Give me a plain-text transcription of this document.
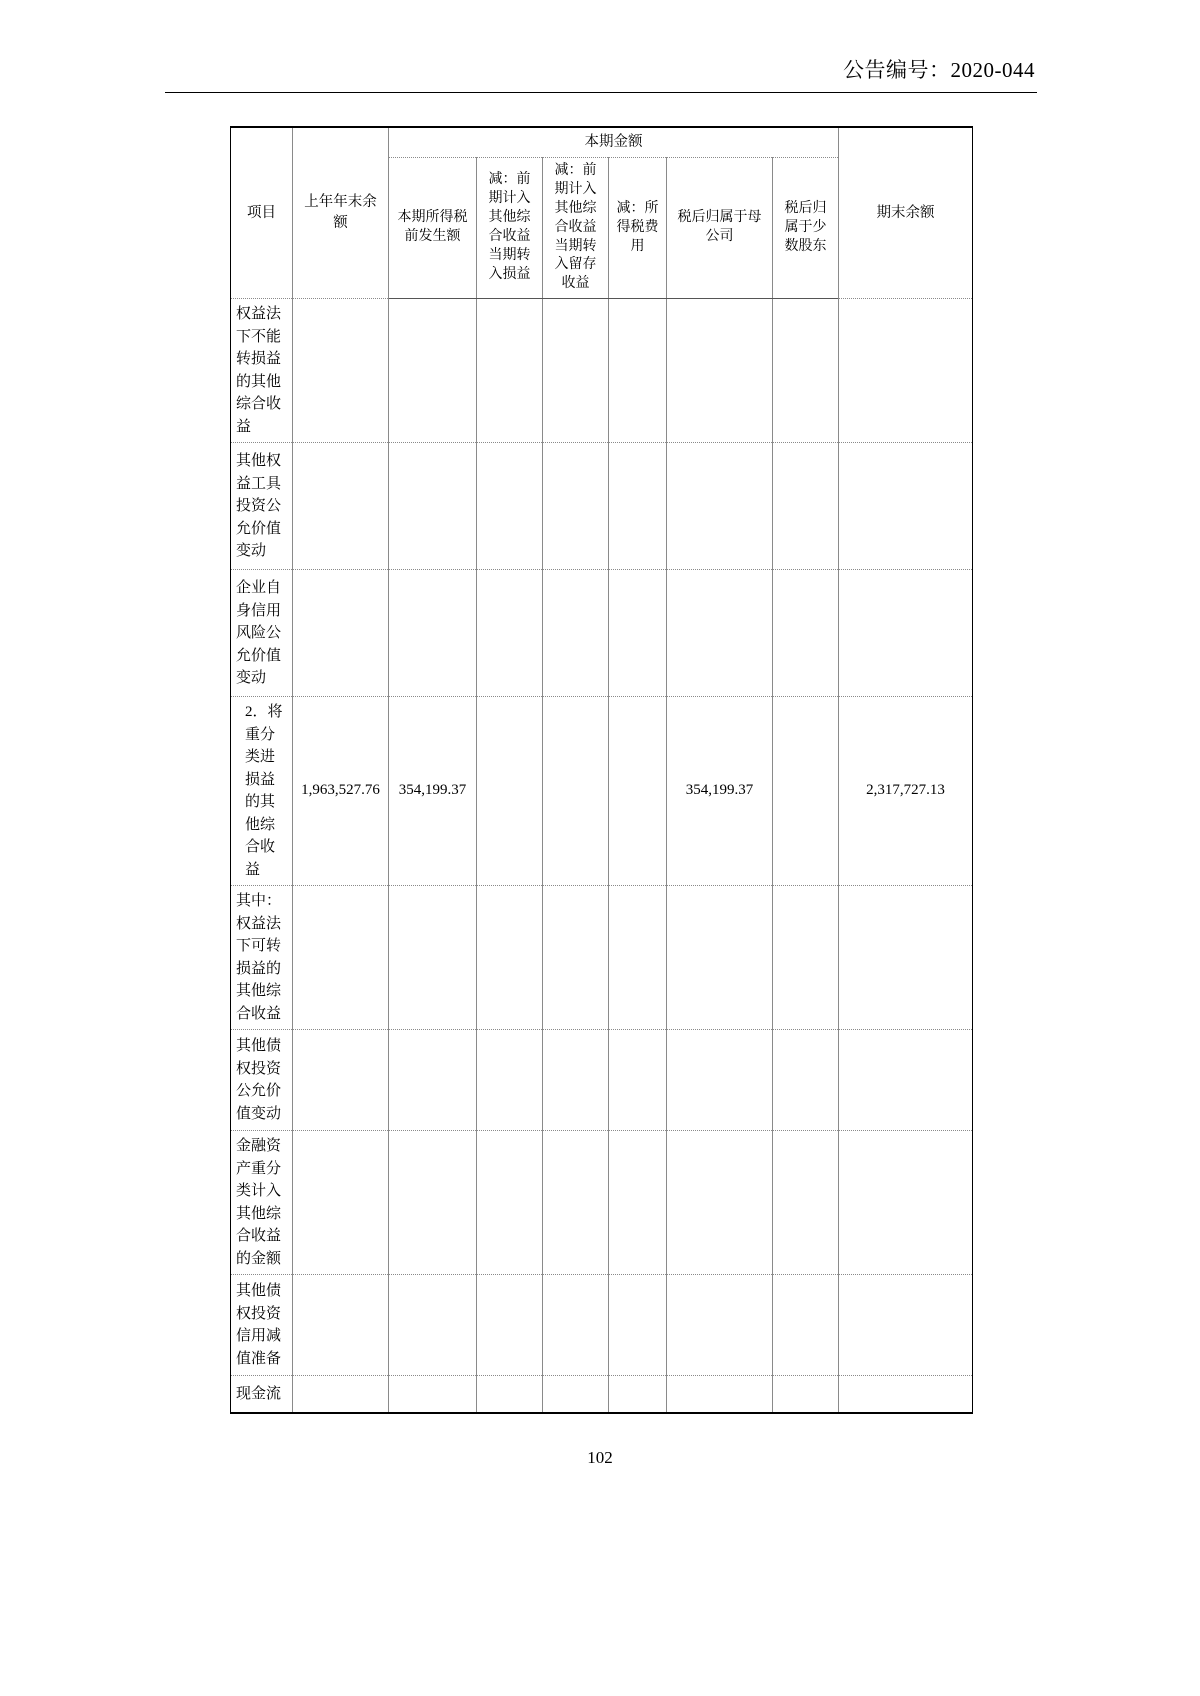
公告编号：2020-044
项目	上年年末余额	本期金额						期末余额

		本期所得税前发生额	减：前期计入其他综合收益当期转入损益	减：前期计入其他综合收益当期转入留存收益	减：所得税费用	税后归属于母公司	税后归属于少数股东	
权益法下不能转损益的其他综合收益								
其他权益工具投资公允价值变动								
企业自身信用风险公允价值变动								
2．将重分类进损益的其他综合收益	1,963,527.76	354,199.37				354,199.37		2,317,727.13
其中：权益法下可转损益的其他综合收益								
其他债权投资公允价值变动								
金融资产重分类计入其他综合收益的金额								
其他债权投资信用减值准备								
现金流								
102
